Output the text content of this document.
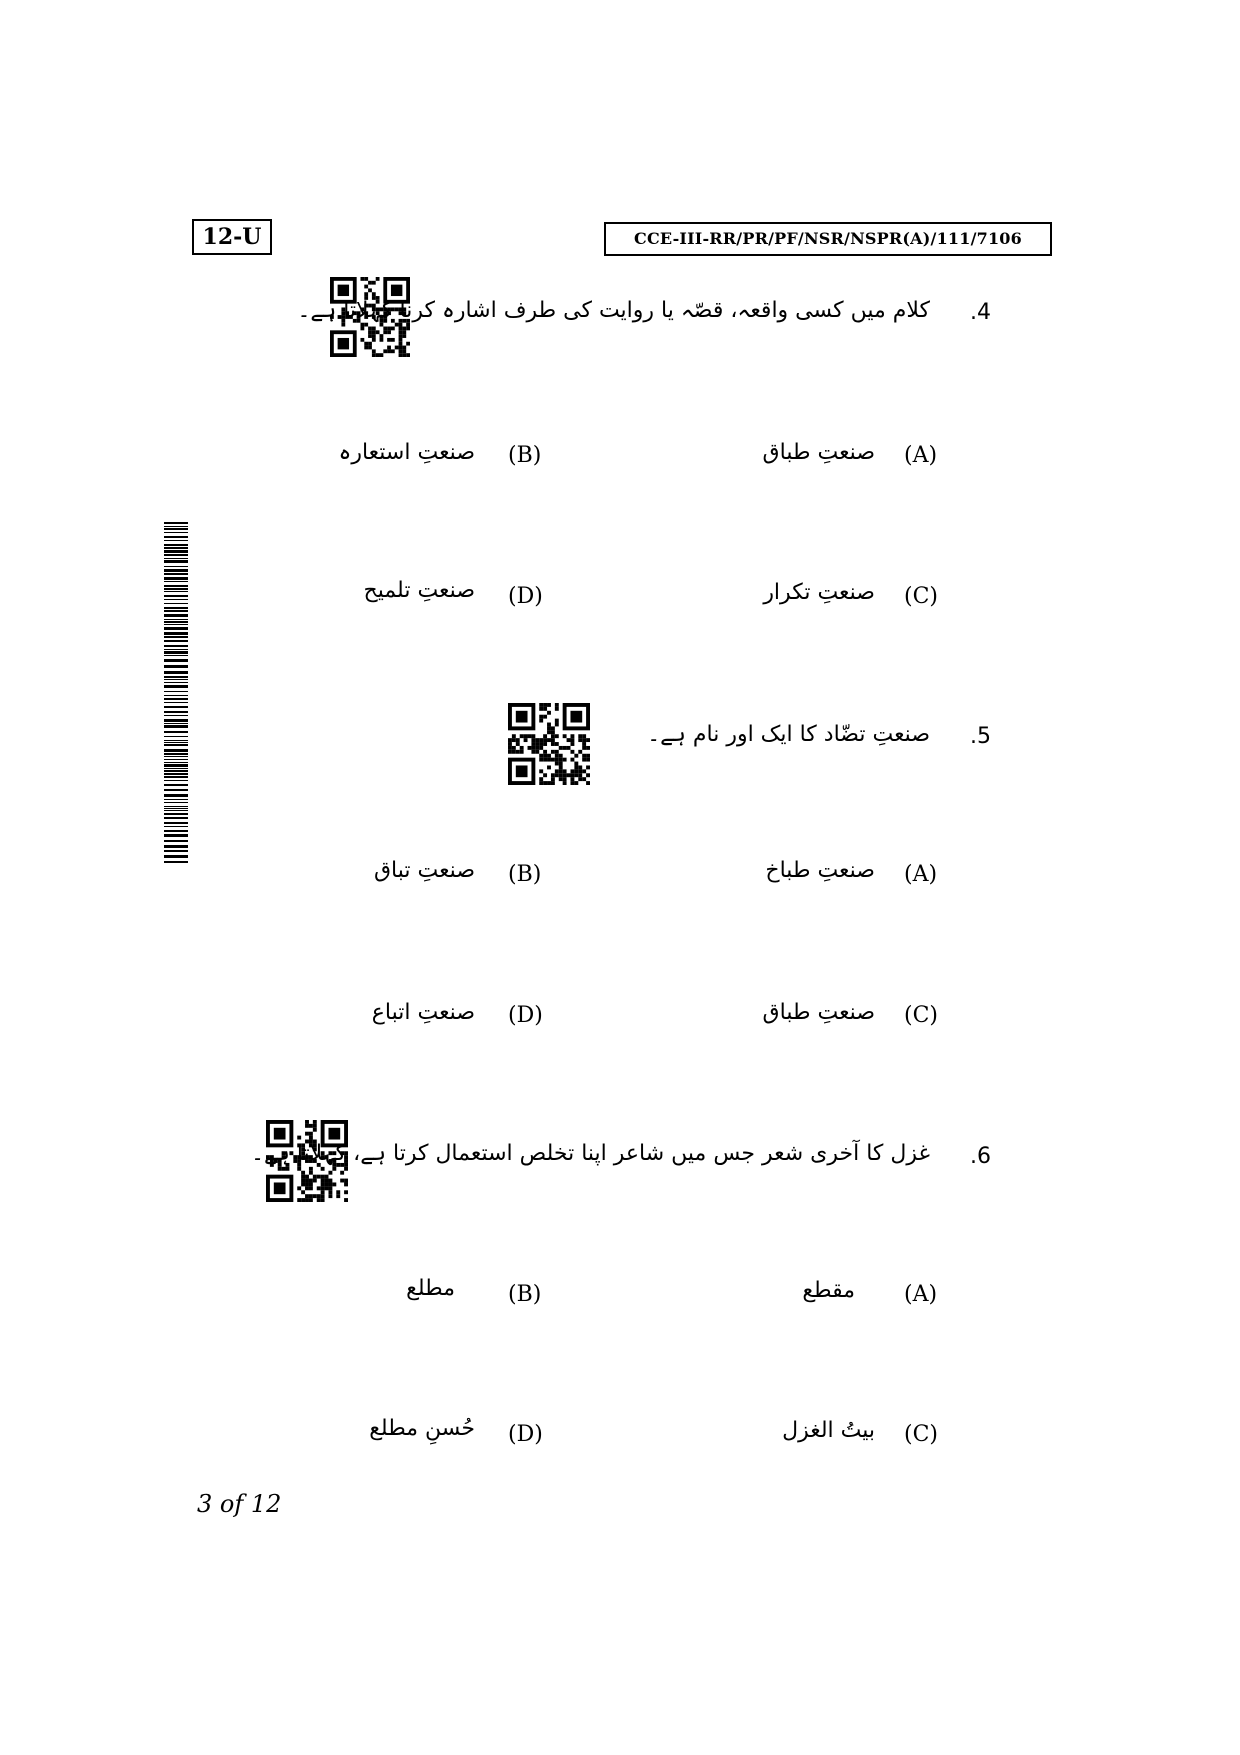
12-U	CCE-III-RR/PR/PF/NSR/NSPR(A)/111/7106
.4
کلام میں کسی واقعہ، قصّہ یا روایت کی طرف اشارہ کرنا کہلاتا ہے۔
(A)
صنعتِ طباق
(B)
صنعتِ استعارہ
(C)
صنعتِ تکرار
(D)
صنعتِ تلمیح
.5
صنعتِ تضّاد کا ایک اور نام ہے۔
(A)
صنعتِ طباخ
(B)
صنعتِ تباق
(C)
صنعتِ طباق
(D)
صنعتِ اتباع
.6
غزل کا آخری شعر جس میں شاعر اپنا تخلص استعمال کرتا ہے، کہلاتا ہے۔
(A)
مقطع
(B)
مطلع
(C)
بیتُ الغزل
(D)
حُسنِ مطلع
3 of 12
